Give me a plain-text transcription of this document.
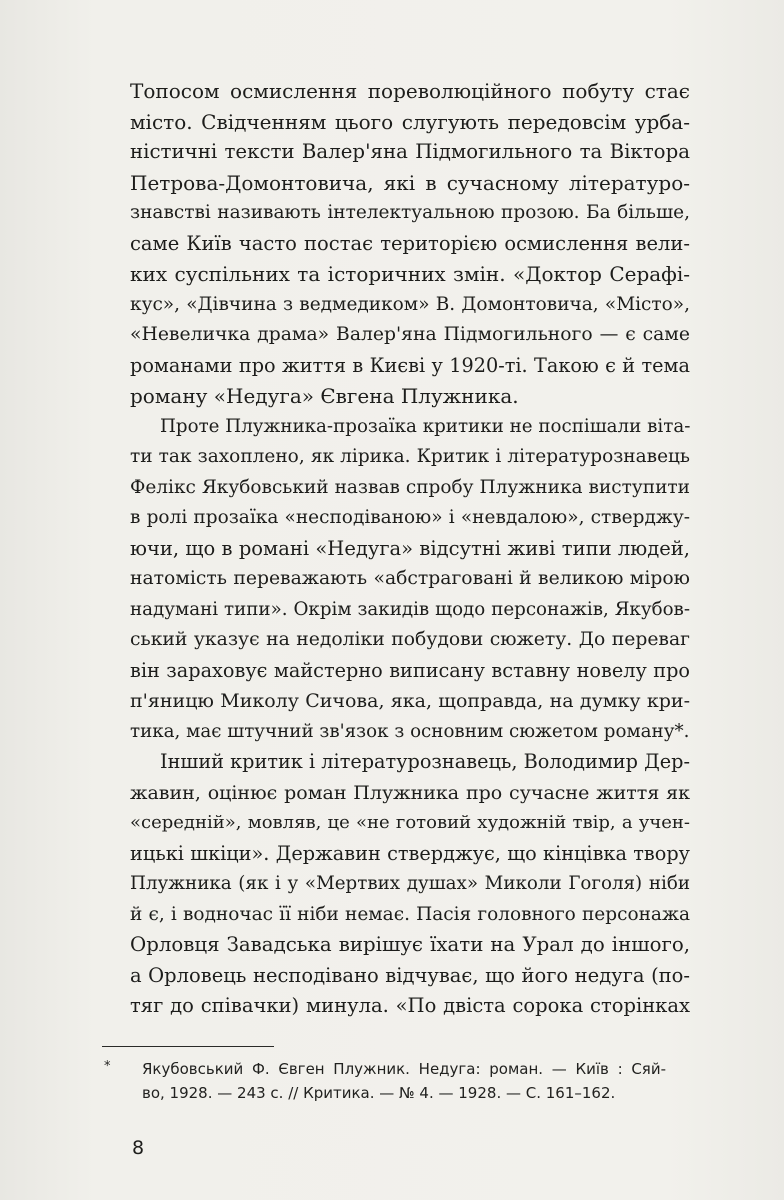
Топосом осмислення пореволюційного побуту стає
місто. Свідченням цього слугують передовсім урба-
ністичні тексти Валер'яна Підмогильного та Віктора
Петрова-Домонтовича, які в сучасному літературо-
знавстві називають інтелектуальною прозою. Ба більше,
саме Київ часто постає територією осмислення вели-
ких суспільних та історичних змін. «Доктор Серафі-
кус», «Дівчина з ведмедиком» В. Домонтовича, «Місто»,
«Невеличка драма» Валер'яна Підмогильного — є саме
романами про життя в Києві у 1920-ті. Такою є й тема
роману «Недуга» Євгена Плужника.
Проте Плужника-прозаїка критики не поспішали віта-
ти так захоплено, як лірика. Критик і літературознавець
Фелікс Якубовський назвав спробу Плужника виступити
в ролі прозаїка «несподіваною» і «невдалою», стверджу-
ючи, що в романі «Недуга» відсутні живі типи людей,
натомість переважають «абстраговані й великою мірою
надумані типи». Окрім закидів щодо персонажів, Якубов-
ський указує на недоліки побудови сюжету. До переваг
він зараховує майстерно виписану вставну новелу про
п'яницю Миколу Сичова, яка, щоправда, на думку кри-
тика, має штучний зв'язок з основним сюжетом роману*.
Інший критик і літературознавець, Володимир Дер-
жавин, оцінює роман Плужника про сучасне життя як
«середній», мовляв, це «не готовий художній твір, а учен-
ицькі шкіци». Державин стверджує, що кінцівка твору
Плужника (як і у «Мертвих душах» Миколи Гоголя) ніби
й є, і водночас її ніби немає. Пасія головного персонажа
Орловця Завадська вирішує їхати на Урал до іншого,
а Орловець несподівано відчуває, що його недуга (по-
тяг до співачки) минула. «По двіста сорока сторінках
*	Якубовський Ф. Євген Плужник. Недуга: роман. — Київ : Сяй-
во, 1928. — 243 с. // Критика. — № 4. — 1928. — С. 161–162.
8
